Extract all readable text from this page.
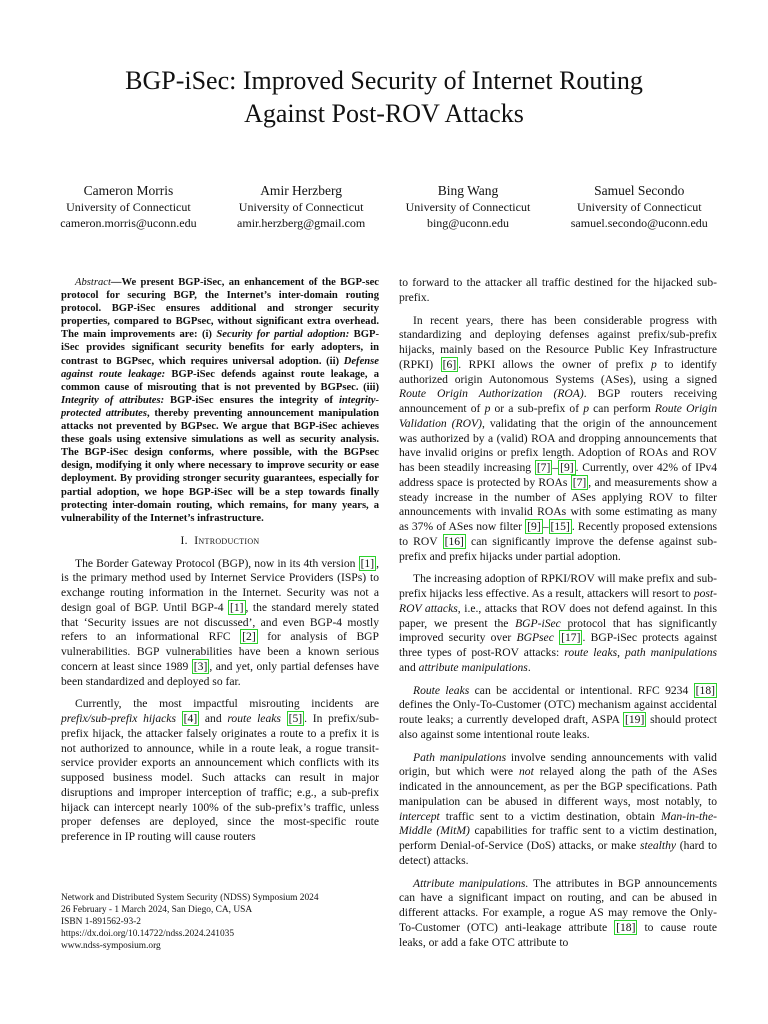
BGP-iSec: Improved Security of Internet Routing
Against Post-ROV Attacks
Cameron Morris
University of Connecticut
cameron.morris@uconn.edu
Amir Herzberg
University of Connecticut
amir.herzberg@gmail.com
Bing Wang
University of Connecticut
bing@uconn.edu
Samuel Secondo
University of Connecticut
samuel.secondo@uconn.edu

Abstract—We present BGP-iSec, an enhancement of the BGP-sec protocol for securing BGP, the Internet’s inter-domain routing protocol. BGP-iSec ensures additional and stronger security properties, compared to BGPsec, without significant extra overhead. The main improvements are: (i) Security for partial adoption: BGP-iSec provides significant security benefits for early adopters, in contrast to BGPsec, which requires universal adoption. (ii) Defense against route leakage: BGP-iSec defends against route leakage, a common cause of misrouting that is not prevented by BGPsec. (iii) Integrity of attributes: BGP-iSec ensures the integrity of integrity-protected attributes, thereby preventing announcement manipulation attacks not prevented by BGPsec. We argue that BGP-iSec achieves these goals using extensive simulations as well as security analysis. The BGP-iSec design conforms, where possible, with the BGPsec design, modifying it only where necessary to improve security or ease deployment. By providing stronger security guarantees, especially for partial adoption, we hope BGP-iSec will be a step towards finally protecting inter-domain routing, which remains, for many years, a vulnerability of the Internet’s infrastructure.

I. Introduction

The Border Gateway Protocol (BGP), now in its 4th version [1] , is the primary method used by Internet Service Providers (ISPs) to exchange routing information in the Internet. Security was not a design goal of BGP. Until BGP-4 [1] , the standard merely stated that ‘Security issues are not discussed’, and even BGP-4 mostly refers to an informational RFC [2] for analysis of BGP vulnerabilities. BGP vulnerabilities have been a known serious concern at least since 1989 [3] , and yet, only partial defenses have been standardized and deployed so far.

Currently, the most impactful misrouting incidents are prefix/sub-prefix hijacks [4] and route leaks [5] . In prefix/sub-prefix hijack, the attacker falsely originates a route to a prefix it is not authorized to announce, while in a route leak, a rogue transit-service provider exports an announcement which conflicts with its supposed business model. Such attacks can result in major disruptions and improper interception of traffic; e.g., a sub-prefix hijack can intercept nearly 100% of the sub-prefix’s traffic, unless proper defenses are deployed, since the most-specific route preference in IP routing will cause routers

to forward to the attacker all traffic destined for the hijacked sub-prefix.

In recent years, there has been considerable progress with standardizing and deploying defenses against prefix/sub-prefix hijacks, mainly based on the Resource Public Key Infrastructure (RPKI) [6] . RPKI allows the owner of prefix p to identify authorized origin Autonomous Systems (ASes), using a signed Route Origin Authorization (ROA). BGP routers receiving announcement of p or a sub-prefix of p can perform Route Origin Validation (ROV), validating that the origin of the announcement was authorized by a (valid) ROA and dropping announcements that have invalid origins or prefix length. Adoption of ROAs and ROV has been steadily increasing [7] – [9] . Currently, over 42% of IPv4 address space is protected by ROAs [7] , and measurements show a steady increase in the number of ASes applying ROV to filter announcements with invalid ROAs with some estimating as many as 37% of ASes now filter [9] – [15] . Recently proposed extensions to ROV [16] can significantly improve the defense against sub-prefix and prefix hijacks under partial adoption.

The increasing adoption of RPKI/ROV will make prefix and sub-prefix hijacks less effective. As a result, attackers will resort to post-ROV attacks, i.e., attacks that ROV does not defend against. In this paper, we present the BGP-iSec protocol that has significantly improved security over BGPsec [17] . BGP-iSec protects against three types of post-ROV attacks: route leaks, path manipulations and attribute manipulations.

Route leaks can be accidental or intentional. RFC 9234 [18] defines the Only-To-Customer (OTC) mechanism against accidental route leaks; a currently developed draft, ASPA [19] should protect also against some intentional route leaks.

Path manipulations involve sending announcements with valid origin, but which were not relayed along the path of the ASes indicated in the announcement, as per the BGP specifications. Path manipulation can be abused in different ways, most notably, to intercept traffic sent to a victim destination, obtain Man-in-the-Middle (MitM) capabilities for traffic sent to a victim destination, perform Denial-of-Service (DoS) attacks, or make stealthy (hard to detect) attacks.

Attribute manipulations. The attributes in BGP announcements can have a significant impact on routing, and can be abused in different attacks. For example, a rogue AS may remove the Only-To-Customer (OTC) anti-leakage attribute [18] to cause route leaks, or add a fake OTC attribute to

Network and Distributed System Security (NDSS) Symposium 2024
26 February - 1 March 2024, San Diego, CA, USA
ISBN 1-891562-93-2
https://dx.doi.org/10.14722/ndss.2024.241035
www.ndss-symposium.org
